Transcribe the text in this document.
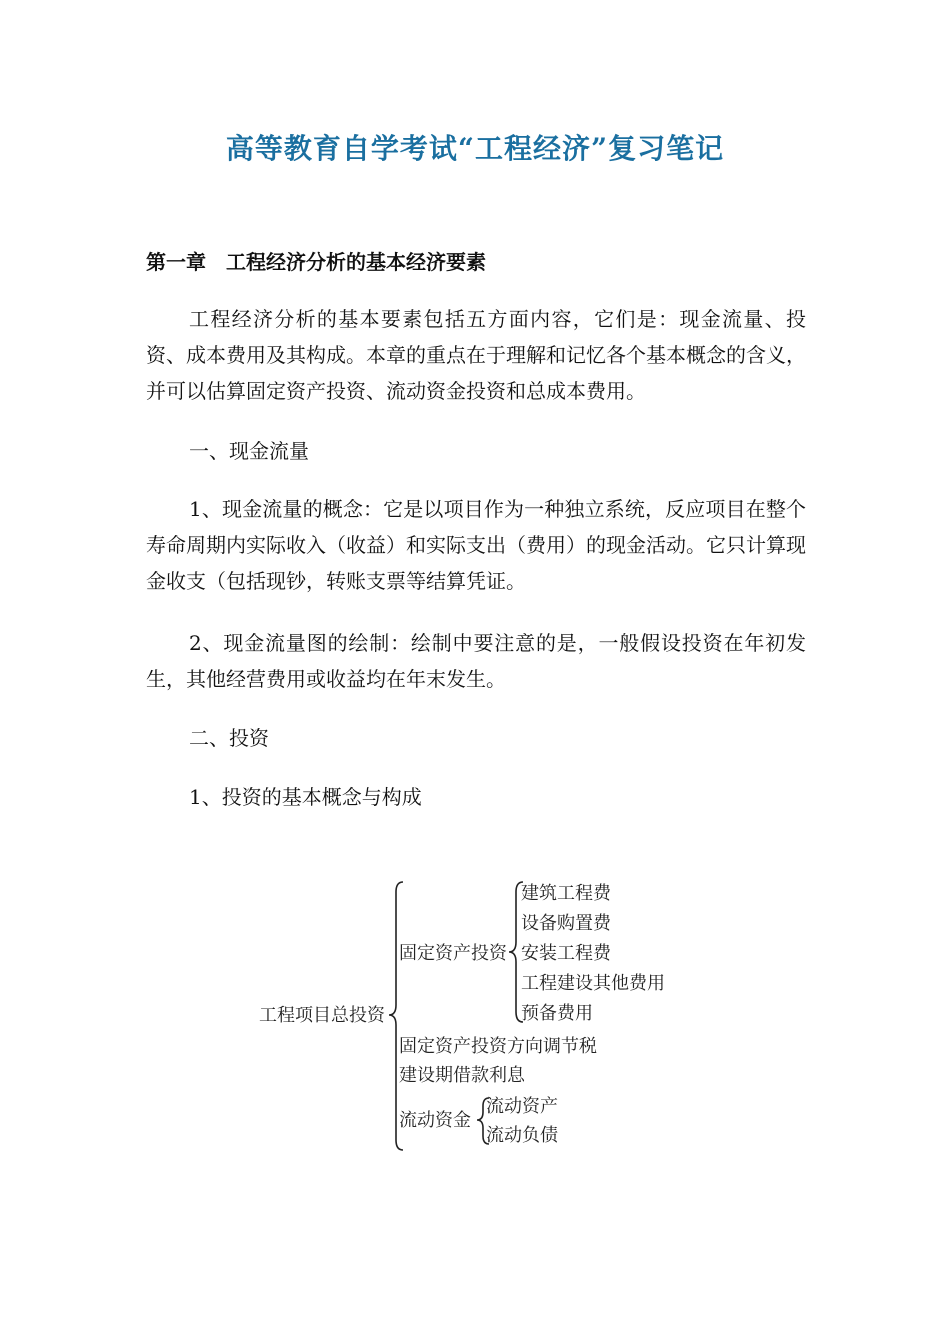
高等教育自学考试“工程经济”复习笔记
第一章　工程经济分析的基本经济要素
工程经济分析的基本要素包括五方面内容，它们是：现金流量、投资、成本费用及其构成。本章的重点在于理解和记忆各个基本概念的含义，并可以估算固定资产投资、流动资金投资和总成本费用。
一、现金流量
1、现金流量的概念：它是以项目作为一种独立系统，反应项目在整个寿命周期内实际收入（收益）和实际支出（费用）的现金活动。它只计算现金收支（包括现钞，转账支票等结算凭证。
2、现金流量图的绘制：绘制中要注意的是，一般假设投资在年初发生，其他经营费用或收益均在年末发生。
二、投资
1、投资的基本概念与构成
工程项目总投资
固定资产投资
建筑工程费
设备购置费
安装工程费
工程建设其他费用
预备费用
固定资产投资方向调节税
建设期借款利息
流动资金
流动资产
流动负债
